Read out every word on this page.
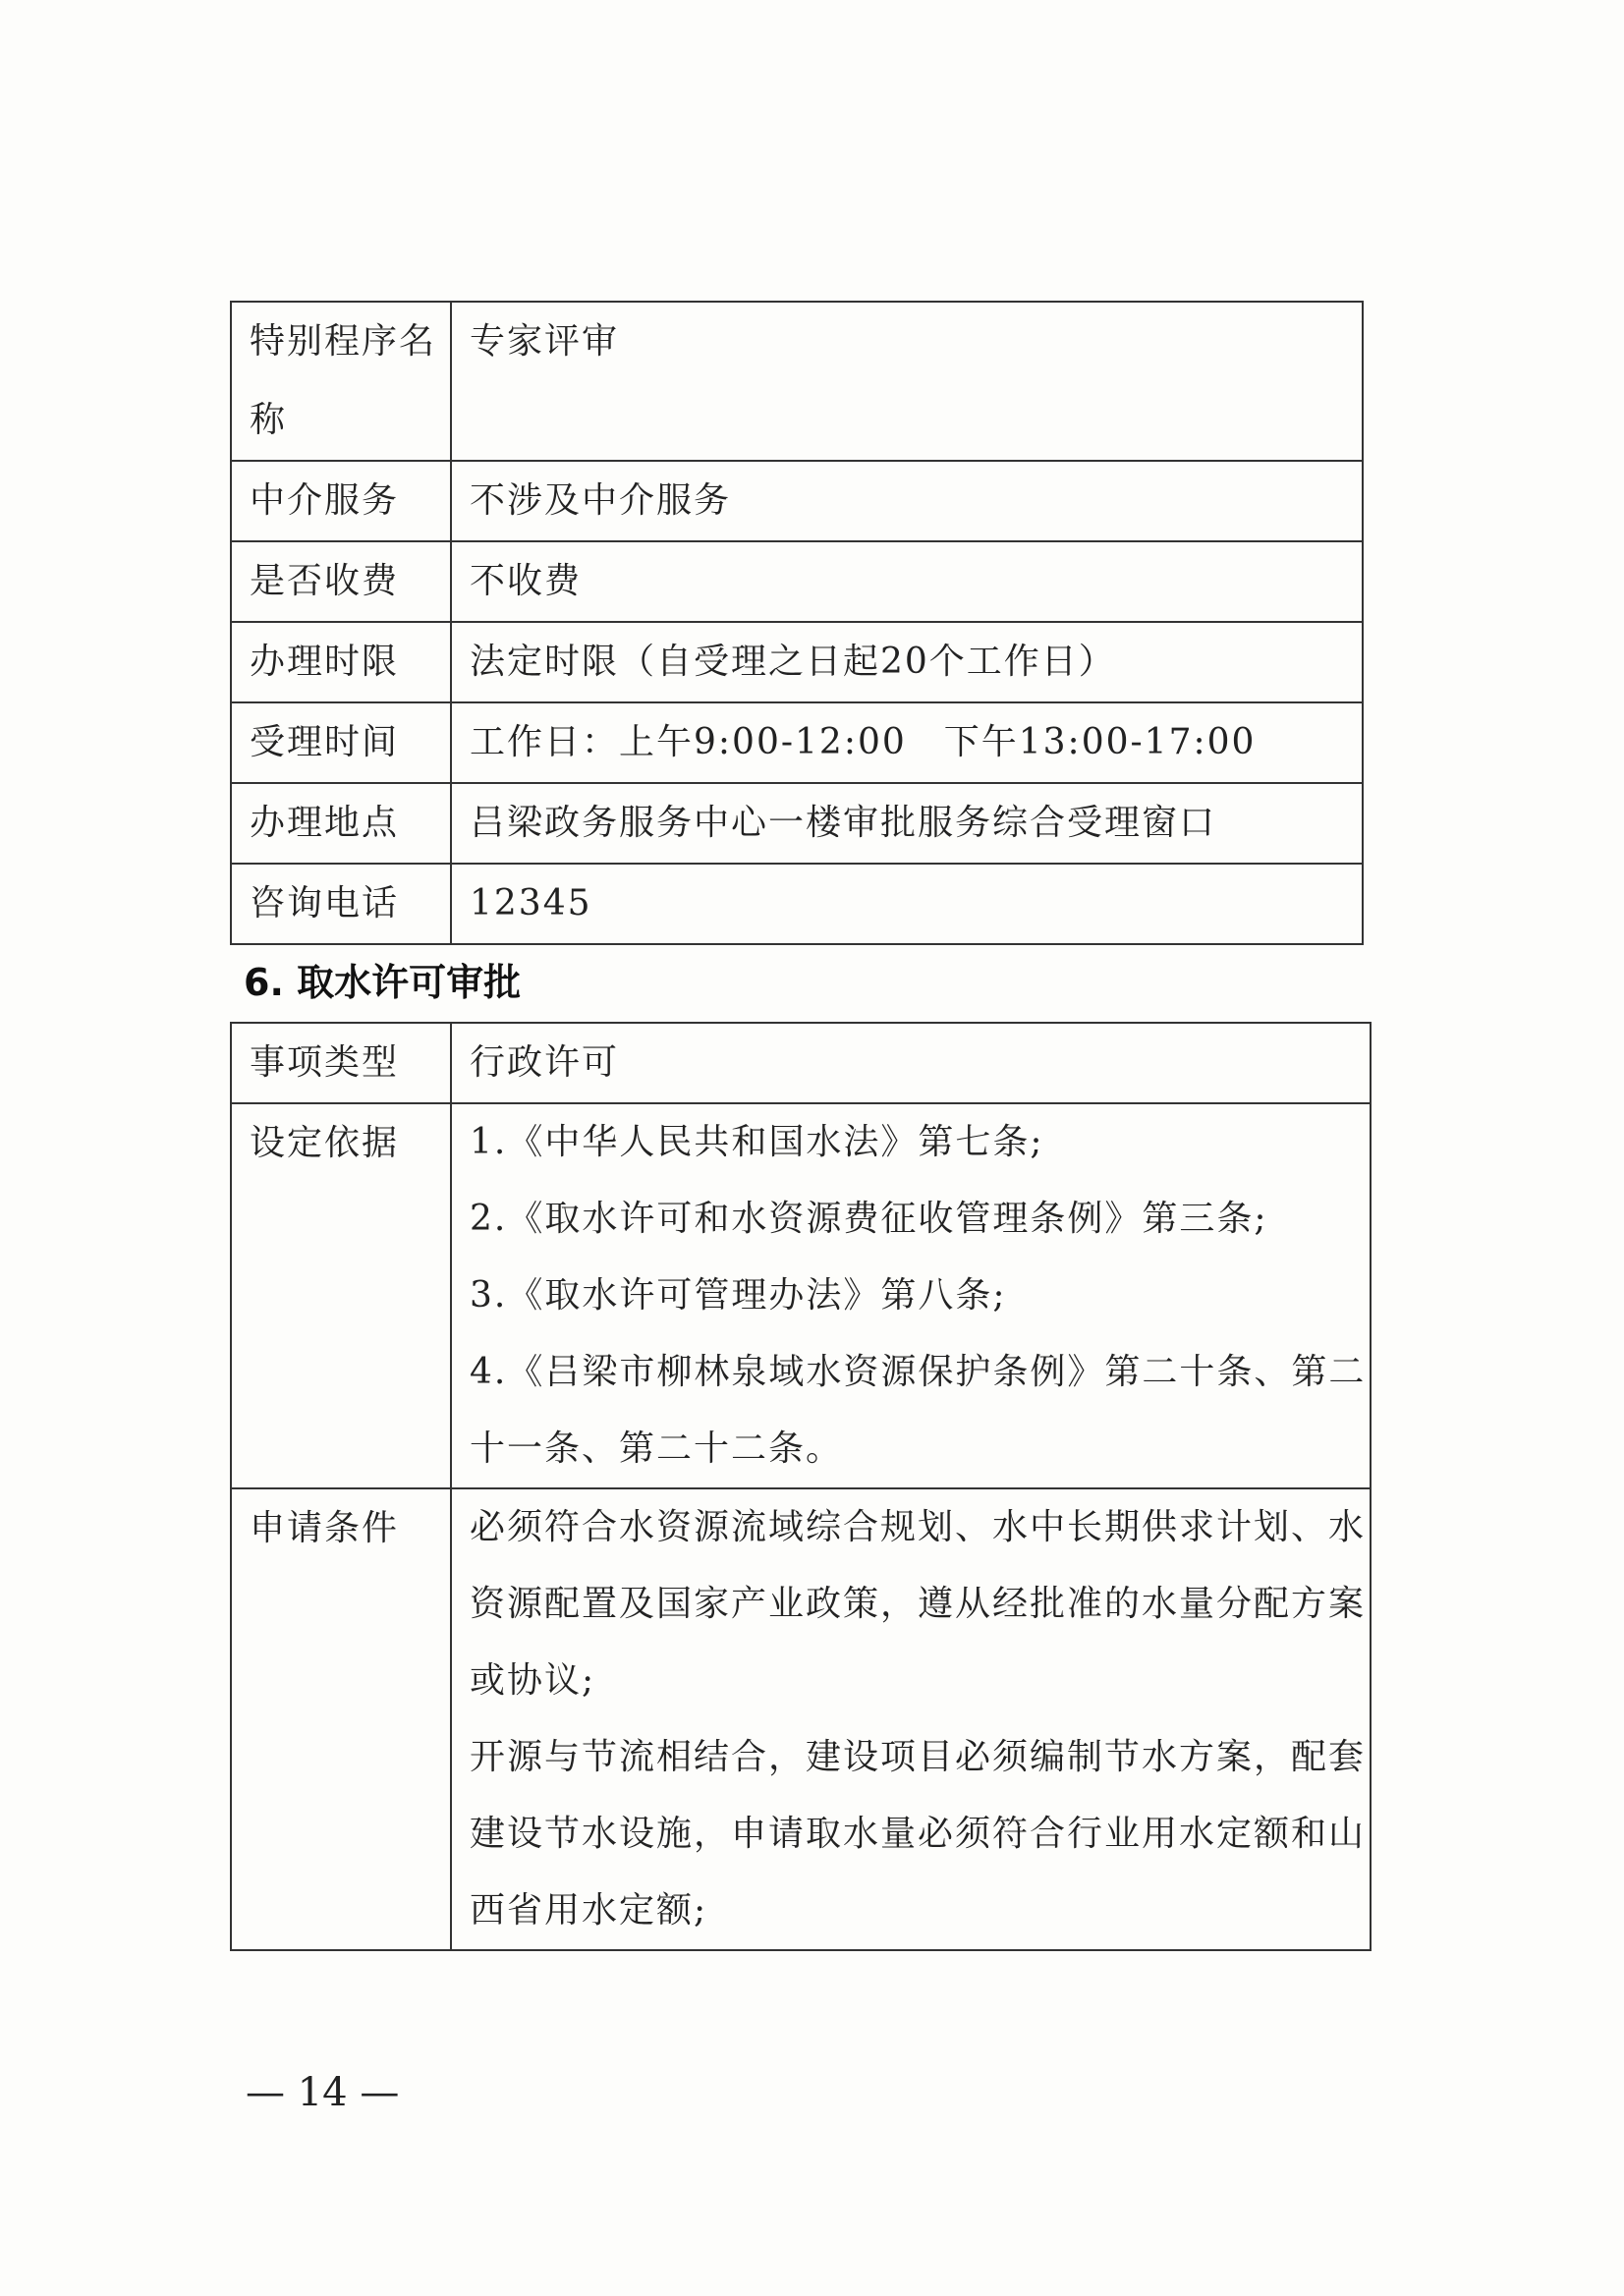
特别程序名称	专家评审
中介服务	不涉及中介服务
是否收费	不收费
办理时限	法定时限（自受理之日起20个工作日）
受理时间	工作日：上午9:00-12:00　下午13:00-17:00
办理地点	吕梁政务服务中心一楼审批服务综合受理窗口
咨询电话	12345
6. 取水许可审批
事项类型	行政许可
设定依据	1.《中华人民共和国水法》第七条;
2.《取水许可和水资源费征收管理条例》第三条;
3.《取水许可管理办法》第八条;
4.《吕梁市柳林泉域水资源保护条例》第二十条、第二十一条、第二十二条。

申请条件	必须符合水资源流域综合规划、水中长期供求计划、水资源配置及国家产业政策，遵从经批准的水量分配方案或协议;
开源与节流相结合，建设项目必须编制节水方案，配套建设节水设施，申请取水量必须符合行业用水定额和山西省用水定额;
— 14 —
